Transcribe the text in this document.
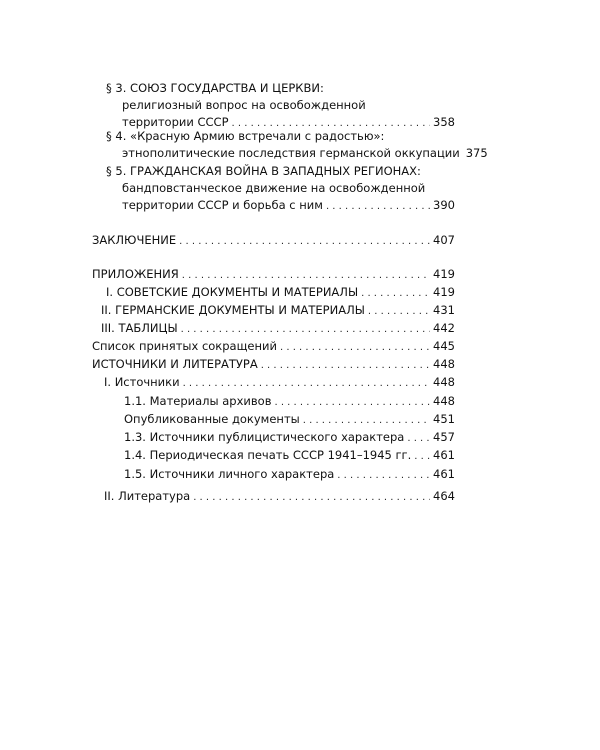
§ 3. СОЮЗ ГОСУДАРСТВА И ЦЕРКВИ:
религиозный вопрос на освобожденной
территории СССР . . .	358
§ 4. «Красную Армию встречали с радостью»:
этнополитические последствия германской оккупации 375
§ 5. ГРАЖДАНСКАЯ ВОЙНА В ЗАПАДНЫХ РЕГИОНАХ:
бандповстанческое движение на освобожденной
территории СССР и борьба с ним . . .	390
ЗАКЛЮЧЕНИЕ . . .	407
ПРИЛОЖЕНИЯ . . .	419
I. СОВЕТСКИЕ ДОКУМЕНТЫ И МАТЕРИАЛЫ . . .	419
II. ГЕРМАНСКИЕ ДОКУМЕНТЫ И МАТЕРИАЛЫ . . .	431
III. ТАБЛИЦЫ . . .	442
Список принятых сокращений . . .	445
ИСТОЧНИКИ И ЛИТЕРАТУРА . . .	448
I. Источники . . .	448
1.1. Материалы архивов . . .	448
Опубликованные документы . . .	451
1.3. Источники публицистического характера . . . 457
1.4. Периодическая печать СССР 1941–1945 гг. . . . 461
1.5. Источники личного характера . . .	461
II. Литература . . .	464
